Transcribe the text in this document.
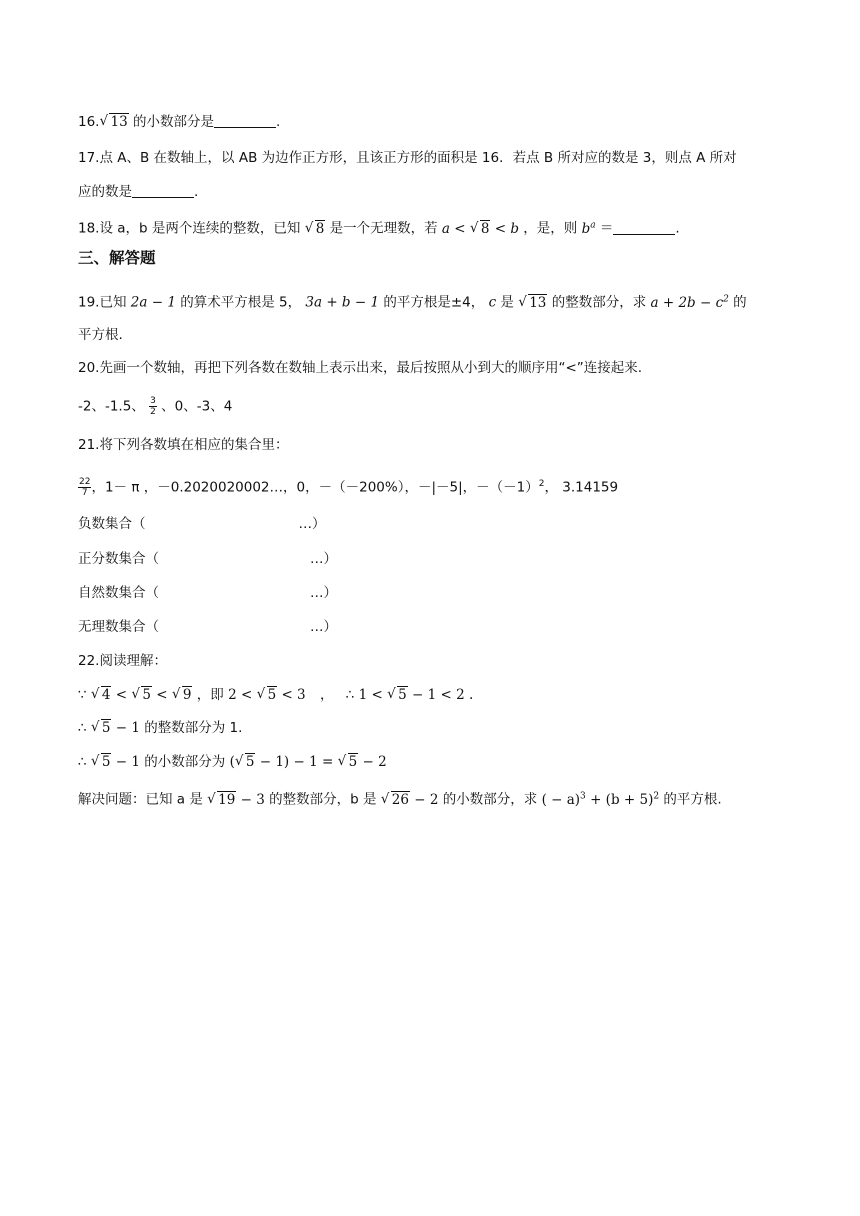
16. √ 13 的小数部分是	.
17.点 A、B 在数轴上，以 AB 为边作正方形，且该正方形的面积是 16．若点 B 所对应的数是 3，则点 A 所对
应的数是	.
18.设 a，b 是两个连续的整数，已知 √ 8 是一个无理数，若 a < √ 8 < b ，是，则 $b^a$ ＝	.
三、解答题
19.已知 2a − 1 的算术平方根是 5， 3a + b − 1 的平方根是±4， c 是 √ 13 的整数部分，求 $a + 2b - c^2$ 的
平方根.
20.先画一个数轴，再把下列各数在数轴上表示出来，最后按照从小到大的顺序用“<”连接起来.
-2、-1.5、 $\frac{3}{2}$ 、0、-3、4
21.将下列各数填在相应的集合里：
$\frac{22}{7}$ ，1－ π ，－0.2020020002…，0，－（－200%），－|－5|，$-(-1)^2$， 3.14159
负数集合（	…）
正分数集合（	…）
自然数集合（	…）
无理数集合（	…）
22.阅读理解：
∵ √ 4 < √ 5 < √ 9 ，即 2 < √ 5 < 3 ， ∴ 1 < √ 5 − 1 < 2 .
∴ √ 5 − 1 的整数部分为 1.
∴ √ 5 − 1 的小数部分为 ( √ 5 − 1) − 1 = √ 5 − 2
解决问题：已知 a 是 √ 19 − 3 的整数部分，b 是 √ 26 − 2 的小数部分，求 ( − $a)^3 + (b + 5)^2$ 的平方根.
